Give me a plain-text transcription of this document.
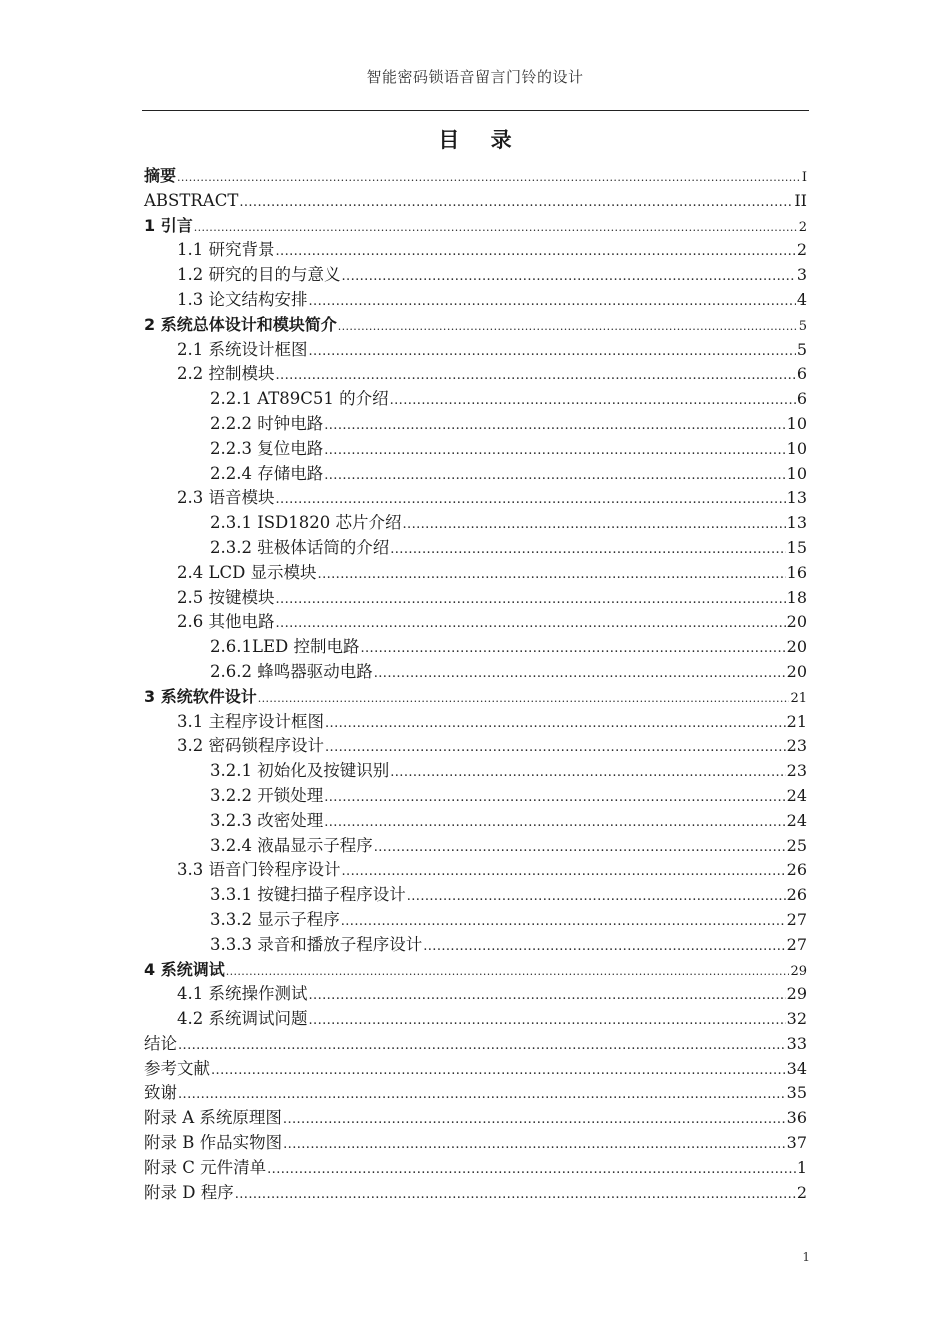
智能密码锁语音留言门铃的设计
目 录
摘要 .....	I
ABSTRACT .....	II
1 引言 .....	2
1.1 研究背景 .....	2
1.2 研究的目的与意义 .....	3
1.3 论文结构安排 .....	4
2 系统总体设计和模块简介 .....	5
2.1 系统设计框图 .....	5
2.2 控制模块 .....	6
2.2.1 AT89C51 的介绍 .....	6
2.2.2 时钟电路 .....	10
2.2.3 复位电路 .....	10
2.2.4 存储电路 .....	10
2.3 语音模块 .....	13
2.3.1 ISD1820 芯片介绍 .....	13
2.3.2 驻极体话筒的介绍 .....	15
2.4 LCD 显示模块 .....	16
2.5 按键模块 .....	18
2.6 其他电路 .....	20
2.6.1LED 控制电路 .....	20
2.6.2 蜂鸣器驱动电路 .....	20
3 系统软件设计 .....	21
3.1 主程序设计框图 .....	21
3.2 密码锁程序设计 .....	23
3.2.1 初始化及按键识别 .....	23
3.2.2 开锁处理 .....	24
3.2.3 改密处理 .....	24
3.2.4 液晶显示子程序 .....	25
3.3 语音门铃程序设计 .....	26
3.3.1 按键扫描子程序设计 .....	26
3.3.2 显示子程序 .....	27
3.3.3 录音和播放子程序设计 .....	27
4 系统调试 .....	29
4.1 系统操作测试 .....	29
4.2 系统调试问题 .....	32
结论 .....	33
参考文献 .....	34
致谢 .....	35
附录 A 系统原理图 .....	36
附录 B 作品实物图 .....	37
附录 C 元件清单 .....	1
附录 D 程序 .....	2
1
